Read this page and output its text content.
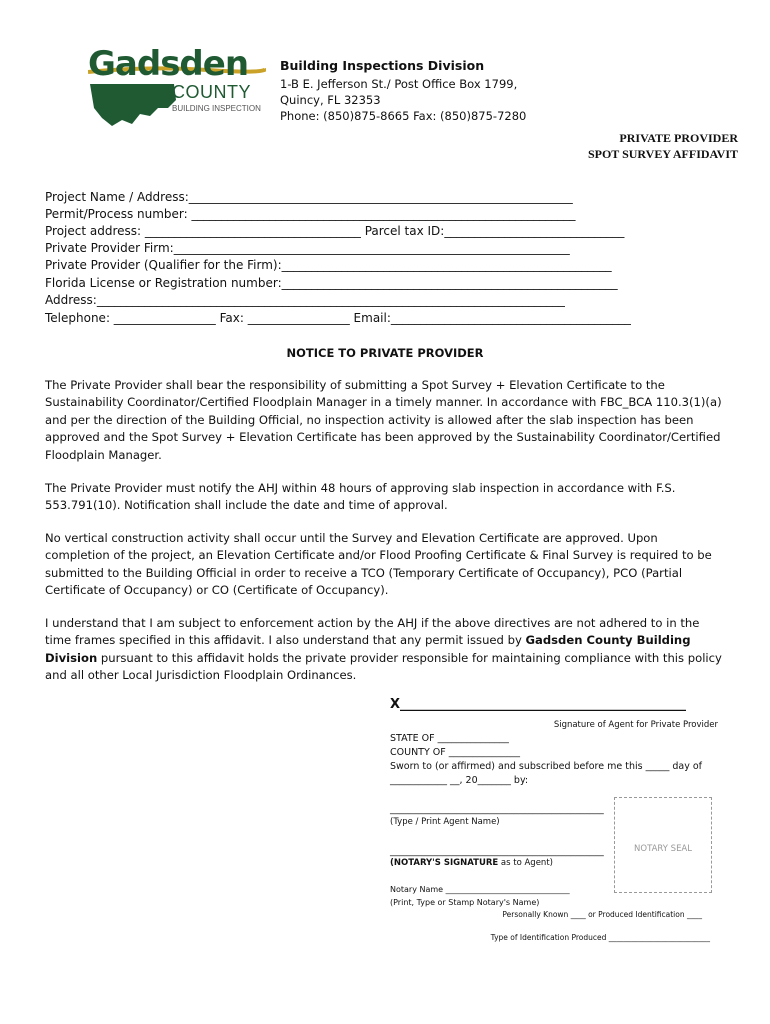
Gadsden
COUNTY
BUILDING INSPECTION
Building Inspections Division
1-B E. Jefferson St./ Post Office Box 1799,
Quincy, FL 32353
Phone: (850)875-8665 Fax: (850)875-7280
PRIVATE PROVIDER
SPOT SURVEY AFFIDAVIT
Project Name / Address:________________________________________________________________
Permit/Process number: ________________________________________________________________
Project address: ____________________________________ Parcel tax ID:______________________________
Private Provider Firm:__________________________________________________________________
Private Provider (Qualifier for the Firm):_______________________________________________________
Florida License or Registration number:________________________________________________________
Address:______________________________________________________________________________
Telephone: _________________ Fax: _________________ Email:________________________________________
NOTICE TO PRIVATE PROVIDER
The Private Provider shall bear the responsibility of submitting a Spot Survey + Elevation Certificate to the Sustainability Coordinator/Certified Floodplain Manager in a timely manner. In accordance with FBC_BCA 110.3(1)(a) and per the direction of the Building Official, no inspection activity is allowed after the slab inspection has been approved and the Spot Survey + Elevation Certificate has been approved by the Sustainability Coordinator/Certified Floodplain Manager.
The Private Provider must notify the AHJ within 48 hours of approving slab inspection in accordance with F.S. 553.791(10). Notification shall include the date and time of approval.
No vertical construction activity shall occur until the Survey and Elevation Certificate are approved. Upon completion of the project, an Elevation Certificate and/or Flood Proofing Certificate & Final Survey is required to be submitted to the Building Official in order to receive a TCO (Temporary Certificate of Occupancy), PCO (Partial Certificate of Occupancy) or CO (Certificate of Occupancy).
I understand that I am subject to enforcement action by the AHJ if the above directives are not adhered to in the time frames specified in this affidavit. I also understand that any permit issued by Gadsden County Building Division pursuant to this affidavit holds the private provider responsible for maintaining compliance with this policy and all other Local Jurisdiction Floodplain Ordinances.
X____________________________________________
Signature of Agent for Private Provider
STATE OF _______________
COUNTY OF _______________
Sworn to (or affirmed) and subscribed before me this _____ day of
____________ __, 20_______ by:
_____________________________________________
(Type / Print Agent Name)
_____________________________________________
(NOTARY'S SIGNATURE as to Agent)
Notary Name _______________________________
(Print, Type or Stamp Notary's Name)
Personally Known ____ or Produced Identification ____
Type of Identification Produced ___________________________
NOTARY SEAL
